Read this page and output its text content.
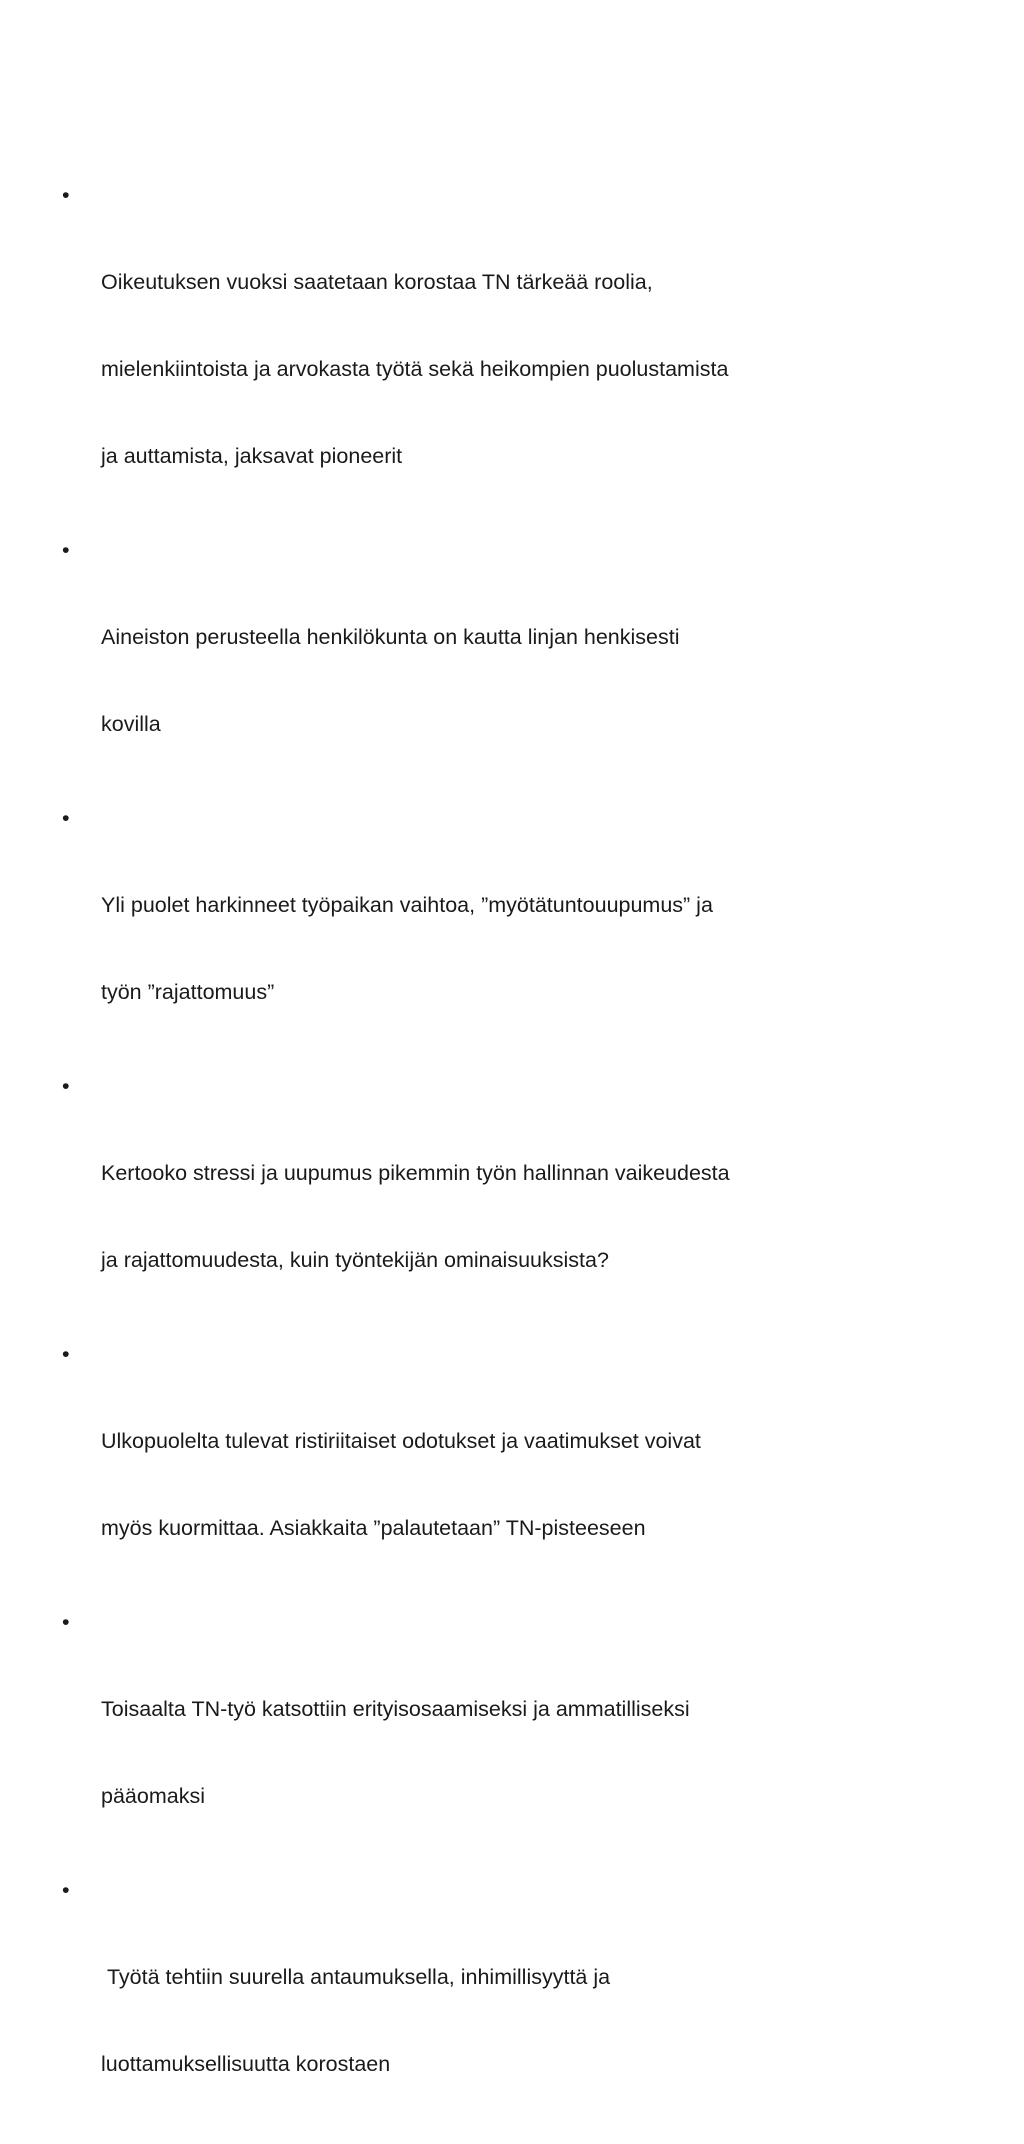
•

Oikeutuksen vuoksi saatetaan korostaa TN tärkeää roolia,

mielenkiintoista ja arvokasta työtä sekä heikompien puolustamista

ja auttamista, jaksavat pioneerit

•

Aineiston perusteella henkilökunta on kautta linjan henkisesti

kovilla

•

Yli puolet harkinneet työpaikan vaihtoa, ”myötätuntouupumus” ja

työn ”rajattomuus”

•

Kertooko stressi ja uupumus pikemmin työn hallinnan vaikeudesta

ja rajattomuudesta, kuin työntekijän ominaisuuksista?

•

Ulkopuolelta tulevat ristiriitaiset odotukset ja vaatimukset voivat

myös kuormittaa. Asiakkaita ”palautetaan” TN-pisteeseen

•

Toisaalta TN-työ katsottiin erityisosaamiseksi ja ammatilliseksi

pääomaksi

•

Työtä tehtiin suurella antaumuksella, inhimillisyyttä ja

luottamuksellisuutta korostaen
